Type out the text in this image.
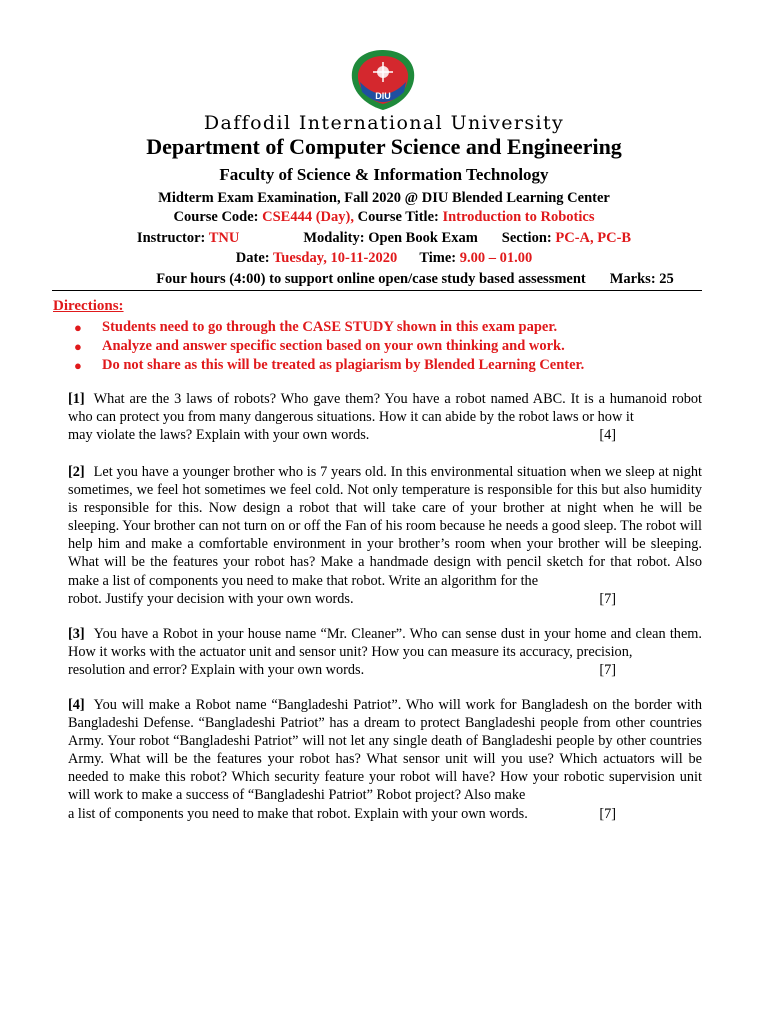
DIU
Daffodil International University
Department of Computer Science and Engineering
Faculty of Science & Information Technology
Midterm Exam Examination, Fall 2020 @ DIU Blended Learning Center
Course Code: CSE444 (Day), Course Title: Introduction to Robotics
Instructor: TNU	Modality: Open Book Exam Section: PC-A, PC-B
Date: Tuesday, 10-11-2020 Time: 9.00 – 01.00
Four hours (4:00) to support online open/case study based assessment Marks: 25
Directions:
● Students need to go through the CASE STUDY shown in this exam paper.
● Analyze and answer specific section based on your own thinking and work.
● Do not share as this will be treated as plagiarism by Blended Learning Center.
[1] What are the 3 laws of robots? Who gave them? You have a robot named ABC. It is a humanoid robot who can protect you from many dangerous situations. How it can abide by the robot laws or how it
may violate the laws? Explain with your own words.	[4]
[2] Let you have a younger brother who is 7 years old. In this environmental situation when we sleep at night sometimes, we feel hot sometimes we feel cold. Not only temperature is responsible for this but also humidity is responsible for this. Now design a robot that will take care of your brother at night when he will be sleeping. Your brother can not turn on or off the Fan of his room because he needs a good sleep. The robot will help him and make a comfortable environment in your brother’s room when your brother will be sleeping. What will be the features your robot has? Make a handmade design with pencil sketch for that robot. Also make a list of components you need to make that robot. Write an algorithm for the
robot. Justify your decision with your own words.	[7]
[3] You have a Robot in your house name “Mr. Cleaner”. Who can sense dust in your home and clean them. How it works with the actuator unit and sensor unit? How you can measure its accuracy, precision,
resolution and error? Explain with your own words.	[7]
[4] You will make a Robot name “Bangladeshi Patriot”. Who will work for Bangladesh on the border with Bangladeshi Defense. “Bangladeshi Patriot” has a dream to protect Bangladeshi people from other countries Army. Your robot “Bangladeshi Patriot” will not let any single death of Bangladeshi people by other countries Army. What will be the features your robot has? What sensor unit will you use? Which actuators will be needed to make this robot? Which security feature your robot will have? How your robotic supervision unit will work to make a success of “Bangladeshi Patriot” Robot project? Also make
a list of components you need to make that robot. Explain with your own words.	[7]
